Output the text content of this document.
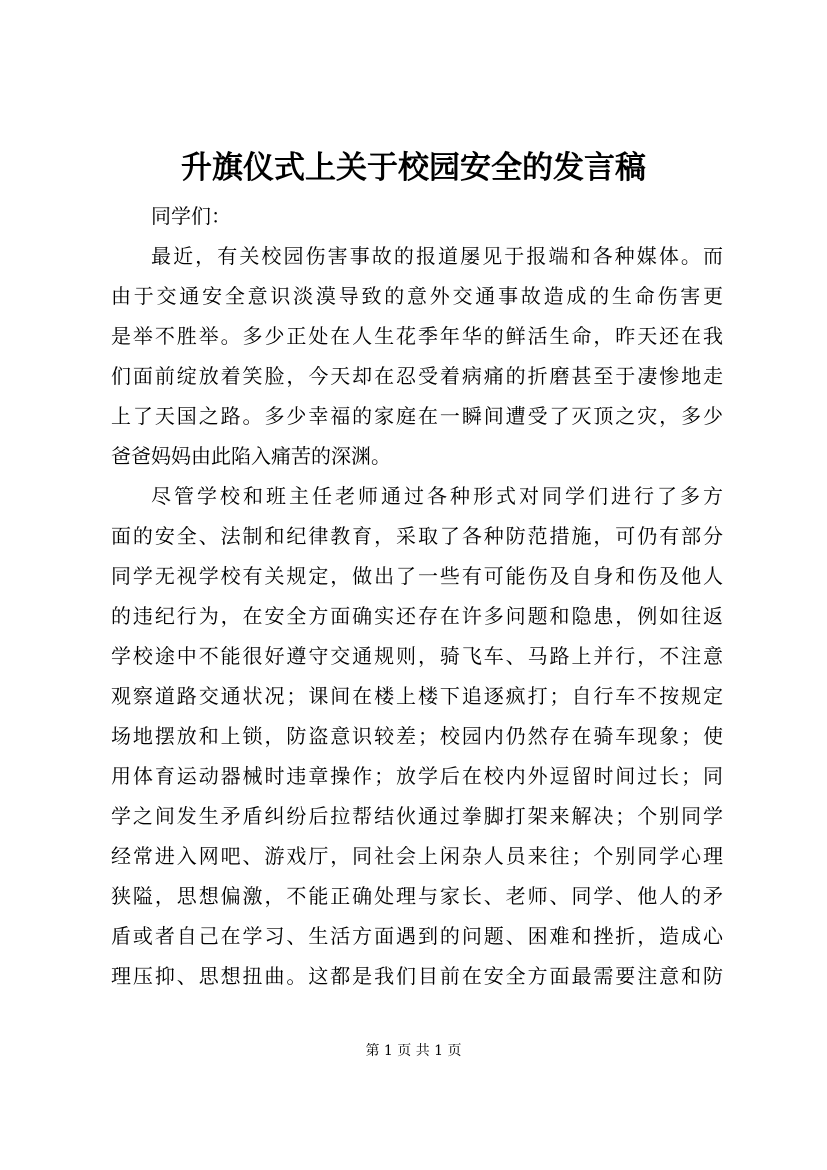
升旗仪式上关于校园安全的发言稿
同学们：
最近，有关校园伤害事故的报道屡见于报端和各种媒体。而
由于交通安全意识淡漠导致的意外交通事故造成的生命伤害更
是举不胜举。多少正处在人生花季年华的鲜活生命，昨天还在我
们面前绽放着笑脸，今天却在忍受着病痛的折磨甚至于凄惨地走
上了天国之路。多少幸福的家庭在一瞬间遭受了灭顶之灾，多少
爸爸妈妈由此陷入痛苦的深渊。
尽管学校和班主任老师通过各种形式对同学们进行了多方
面的安全、法制和纪律教育，采取了各种防范措施，可仍有部分
同学无视学校有关规定，做出了一些有可能伤及自身和伤及他人
的违纪行为，在安全方面确实还存在许多问题和隐患，例如往返
学校途中不能很好遵守交通规则，骑飞车、马路上并行，不注意
观察道路交通状况；课间在楼上楼下追逐疯打；自行车不按规定
场地摆放和上锁，防盗意识较差；校园内仍然存在骑车现象；使
用体育运动器械时违章操作；放学后在校内外逗留时间过长；同
学之间发生矛盾纠纷后拉帮结伙通过拳脚打架来解决；个别同学
经常进入网吧、游戏厅，同社会上闲杂人员来往；个别同学心理
狭隘，思想偏激，不能正确处理与家长、老师、同学、他人的矛
盾或者自己在学习、生活方面遇到的问题、困难和挫折，造成心
理压抑、思想扭曲。这都是我们目前在安全方面最需要注意和防
第 1 页 共 1 页
